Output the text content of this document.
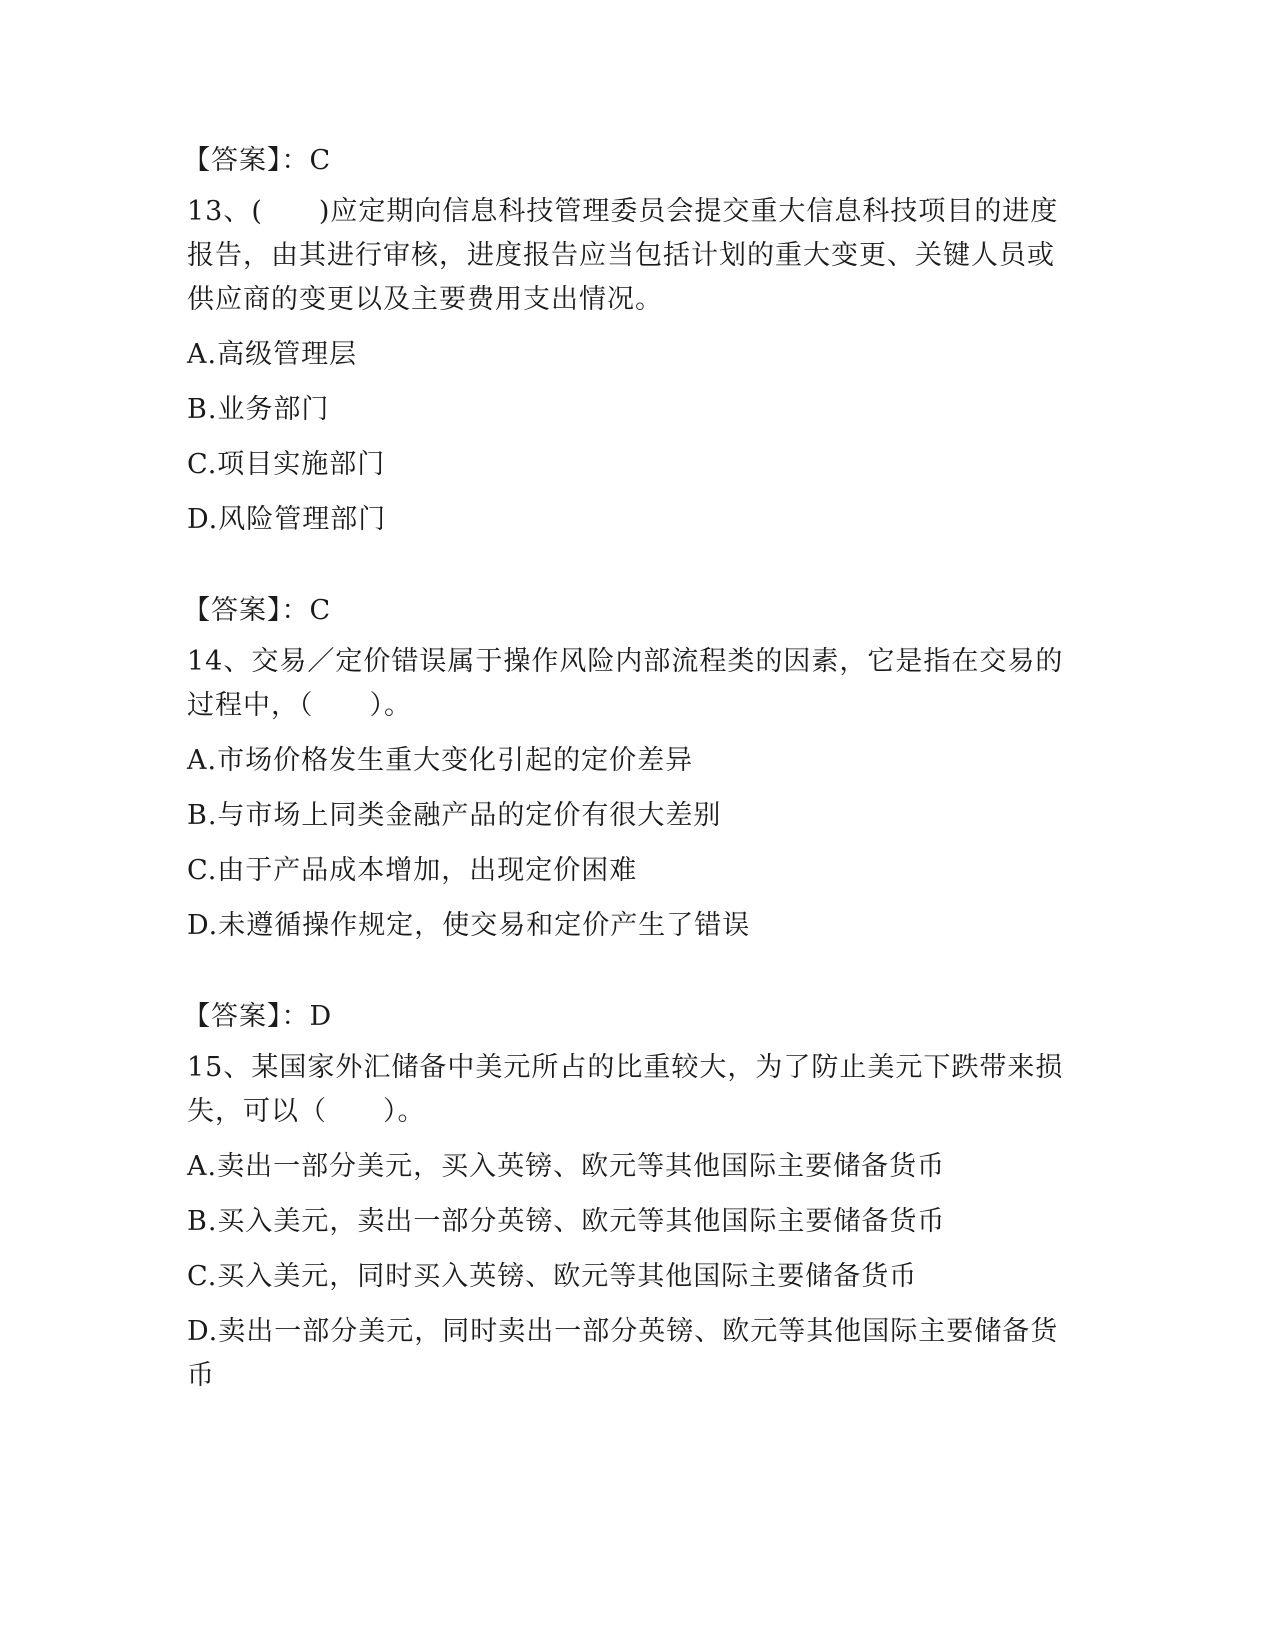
【答案】：C
13、(　　)应定期向信息科技管理委员会提交重大信息科技项目的进度报告，由其进行审核，进度报告应当包括计划的重大变更、关键人员或供应商的变更以及主要费用支出情况。
A.高级管理层
B.业务部门
C.项目实施部门
D.风险管理部门
【答案】：C
14、交易／定价错误属于操作风险内部流程类的因素，它是指在交易的过程中，（　　）。
A.市场价格发生重大变化引起的定价差异
B.与市场上同类金融产品的定价有很大差别
C.由于产品成本增加，出现定价困难
D.未遵循操作规定，使交易和定价产生了错误
【答案】：D
15、某国家外汇储备中美元所占的比重较大，为了防止美元下跌带来损失，可以（　　）。
A.卖出一部分美元，买入英镑、欧元等其他国际主要储备货币
B.买入美元，卖出一部分英镑、欧元等其他国际主要储备货币
C.买入美元，同时买入英镑、欧元等其他国际主要储备货币
D.卖出一部分美元，同时卖出一部分英镑、欧元等其他国际主要储备货币
